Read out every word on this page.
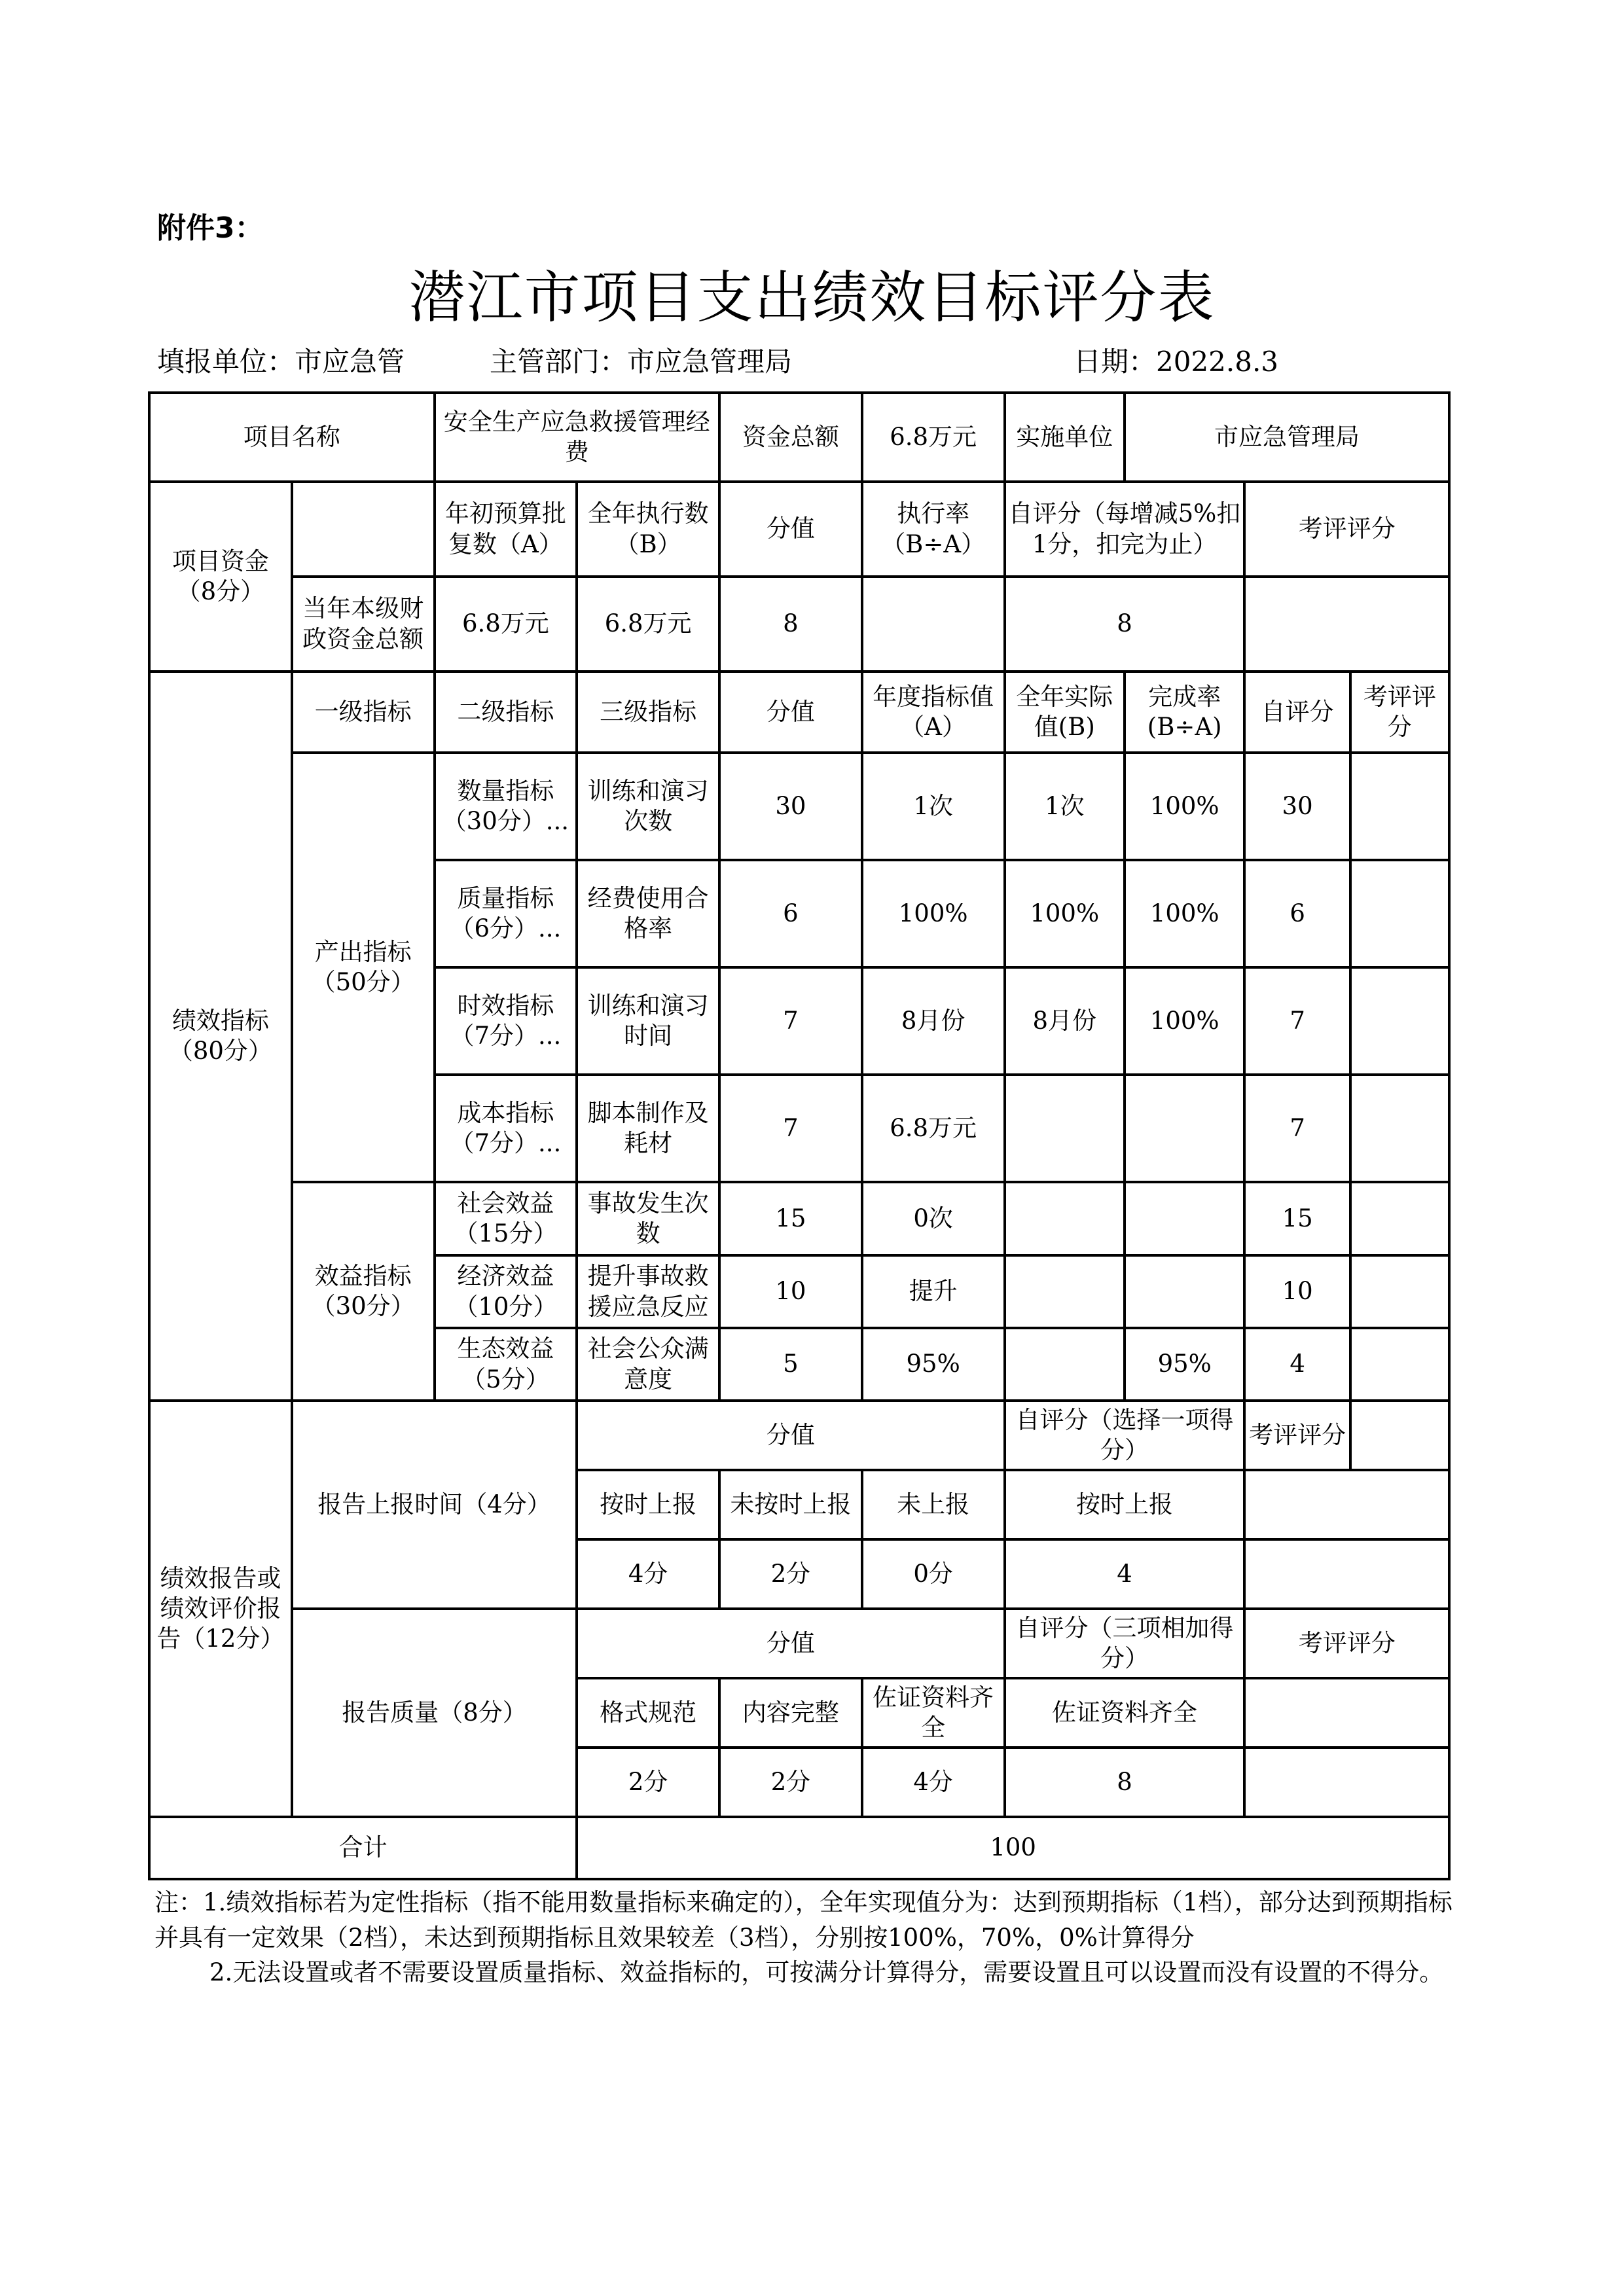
附件3：
潜江市项目支出绩效目标评分表
填报单位：市应急管	主管部门：市应急管理局	日期：2022.8.3
项目名称		安全生产应急救援管理经费		资金总额	6.8万元	实施单位	市应急管理局		
项目资金（8分）		年初预算批复数（A）	全年执行数（B）	分值	执行率（B÷A）	自评分（每增减5%扣1分，扣完为止）		考评评分	
	当年本级财政资金总额	6.8万元	6.8万元	8		8			
绩效指标（80分）	一级指标	二级指标	三级指标	分值	年度指标值（A）	全年实际值(B)	完成率(B÷A)	自评分	考评评分
	产出指标（50分）	数量指标（30分）...	训练和演习次数	30	1次	1次	100%	30	
		质量指标（6分）...	经费使用合格率	6	100%	100%	100%	6	
		时效指标（7分）...	训练和演习时间	7	8月份	8月份	100%	7	
		成本指标（7分）...	脚本制作及耗材	7	6.8万元			7	
	效益指标（30分）	社会效益（15分）	事故发生次数	15	0次			15	
		经济效益（10分）	提升事故救援应急反应	10	提升			10	
		生态效益（5分）	社会公众满意度	5	95%		95%	4	
绩效报告或绩效评价报告（12分）	报告上报时间（4分）		分值			自评分（选择一项得分）		考评评分	
			按时上报	未按时上报	未上报	按时上报			
			4分	2分	0分	4			
	报告质量（8分）		分值			自评分（三项相加得分）		考评评分	
			格式规范	内容完整	佐证资料齐全	佐证资料齐全			
			2分	2分	4分	8			
合计			100						

注：1.绩效指标若为定性指标（指不能用数量指标来确定的），全年实现值分为：达到预期指标（1档），部分达到预期指标并具有一定效果（2档），未达到预期指标且效果较差（3档），分别按100%，70%，0%计算得分

2.无法设置或者不需要设置质量指标、效益指标的，可按满分计算得分，需要设置且可以设置而没有设置的不得分。
